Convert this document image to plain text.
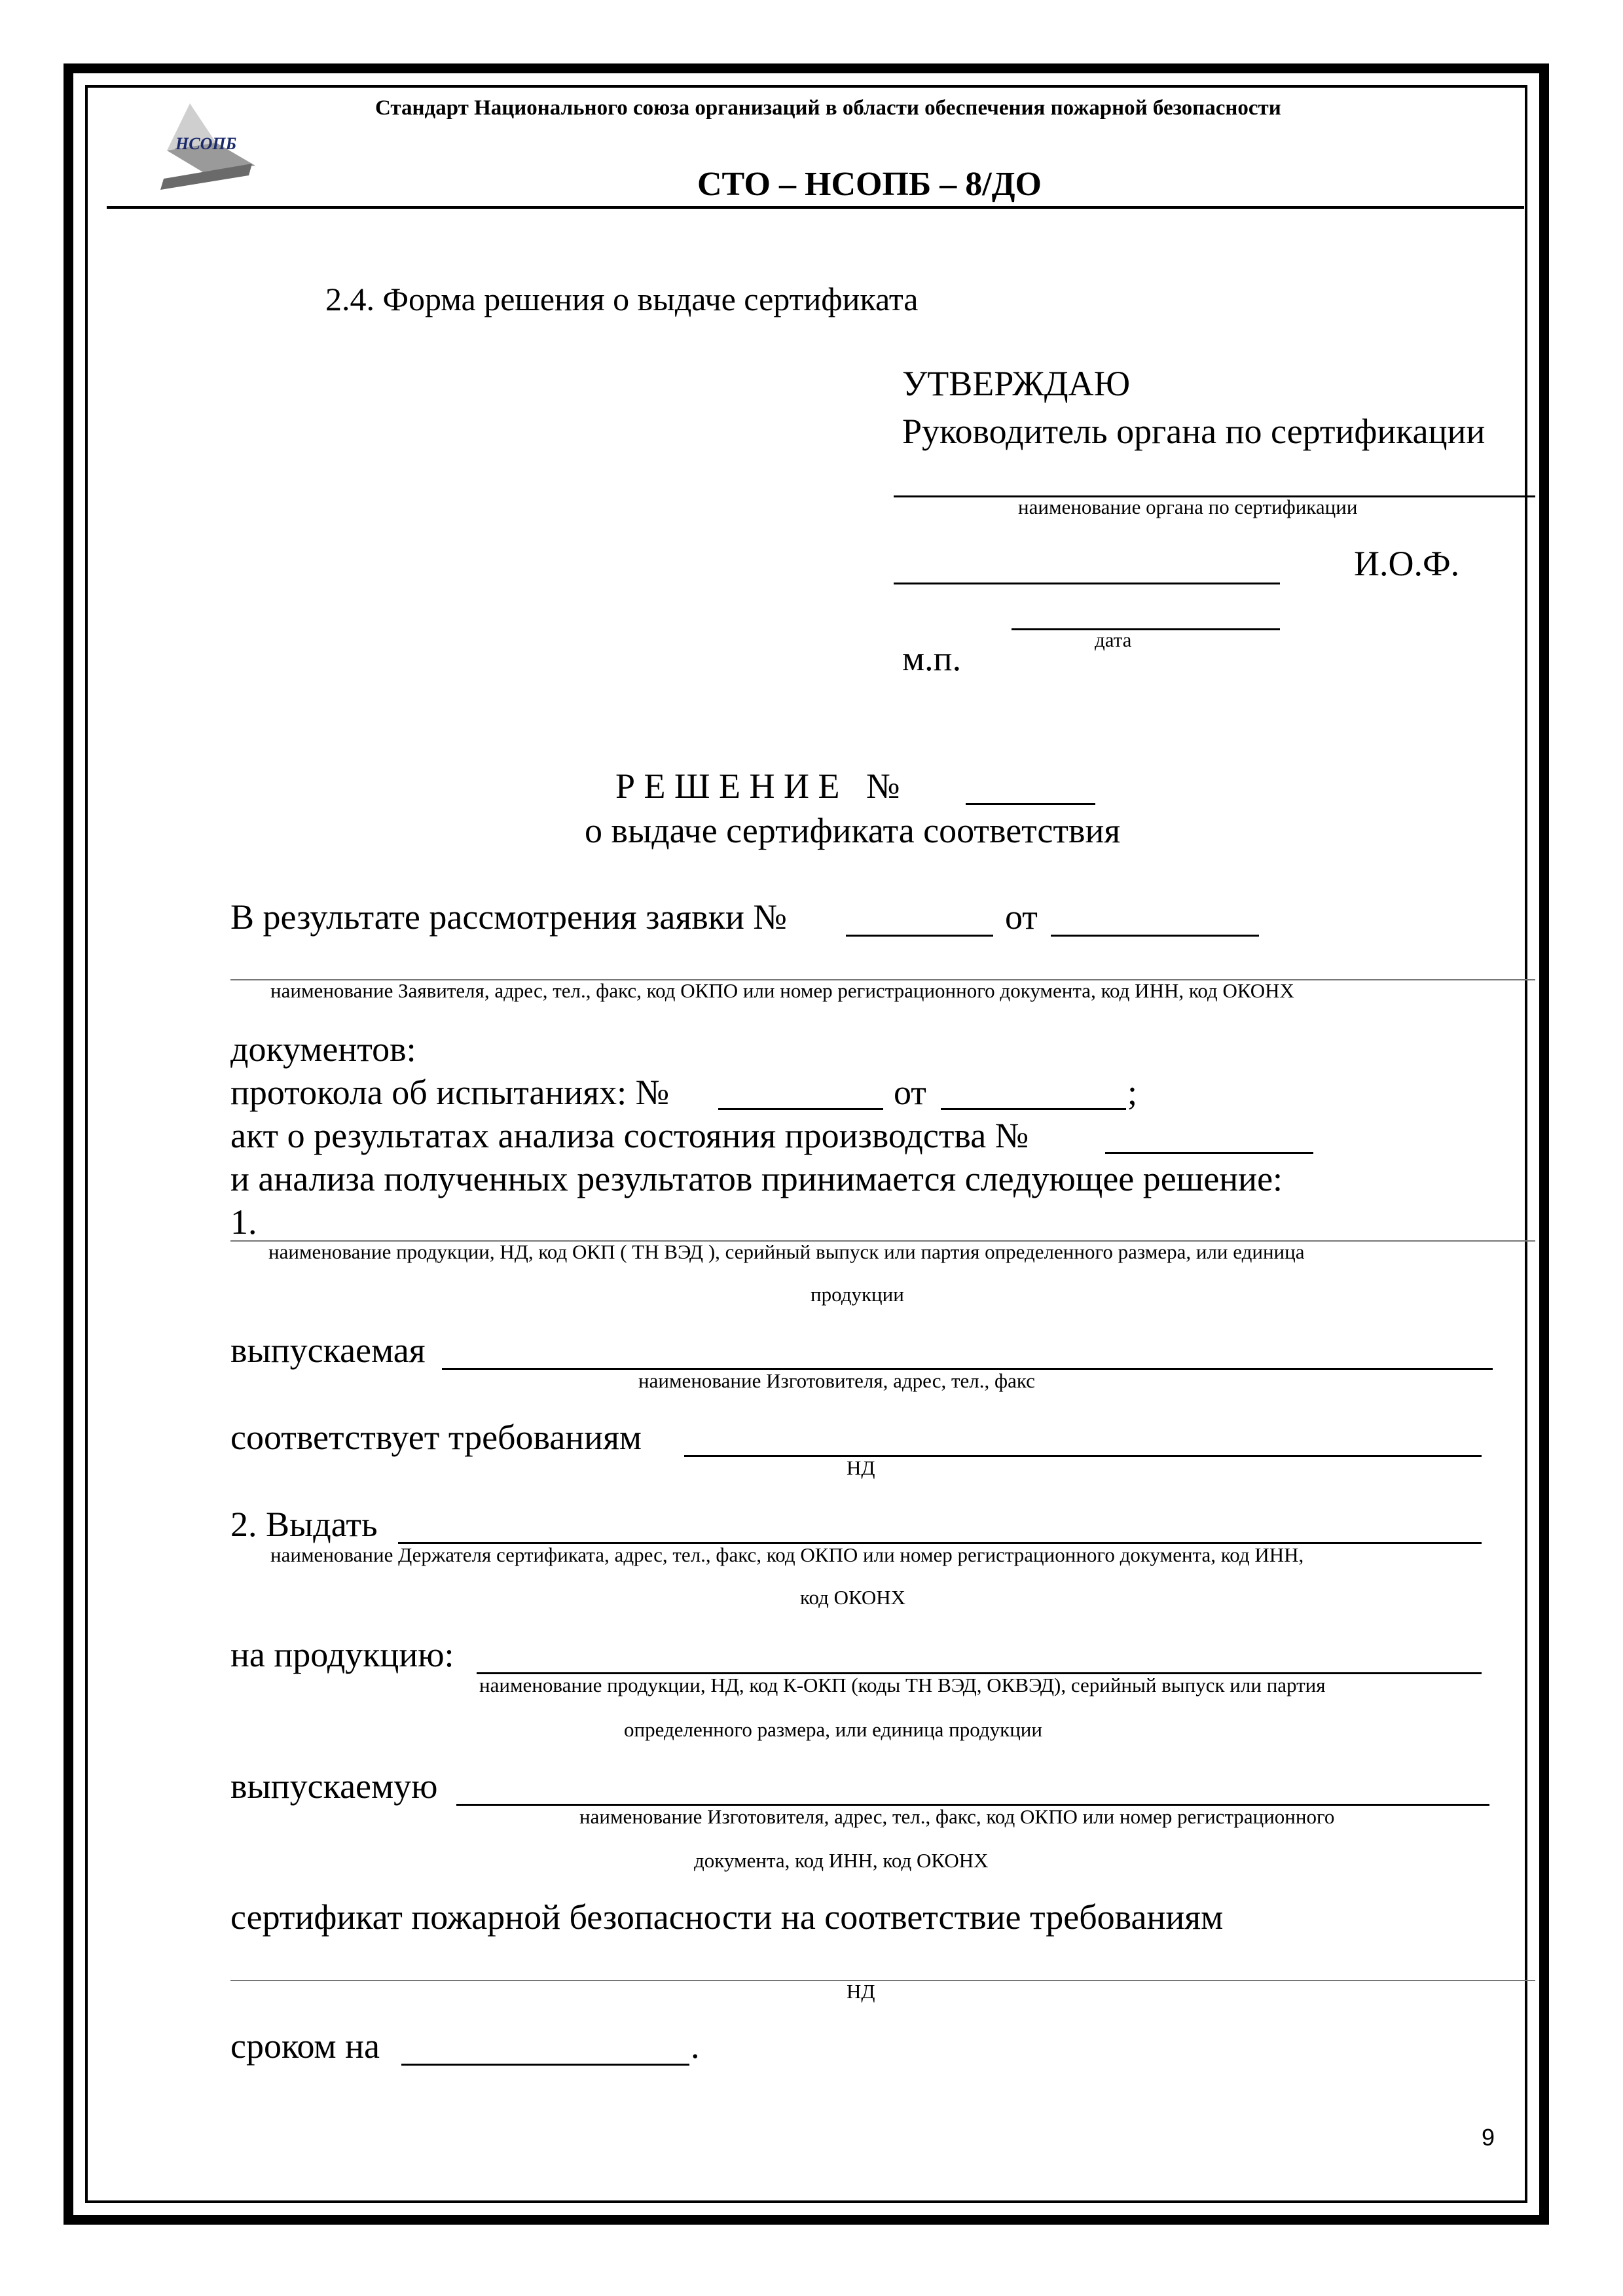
НСОПБ
Стандарт Национального союза организаций в области обеспечения пожарной безопасности
СТО – НСОПБ – 8/ДО
2.4. Форма решения о выдаче сертификата
УТВЕРЖДАЮ
Руководитель органа по сертификации
наименование органа по сертификации
И.О.Ф.
дата
м.п.
Р Е Ш Е Н И Е   №
о выдаче сертификата соответствия
В результате рассмотрения заявки №	от
наименование Заявителя, адрес, тел., факс, код ОКПО или номер регистрационного документа, код ИНН, код ОКОНХ
документов:
протокола об испытаниях: №	от	;
акт о результатах анализа состояния производства №
и анализа полученных результатов принимается следующее решение:
1.
наименование продукции, НД, код ОКП ( ТН ВЭД ), серийный выпуск или партия определенного размера, или единица
продукции
выпускаемая
наименование Изготовителя, адрес, тел., факс
соответствует требованиям
НД
2. Выдать
наименование Держателя сертификата, адрес, тел., факс, код ОКПО или номер регистрационного документа, код ИНН,
код ОКОНХ
на продукцию:
наименование продукции, НД, код К-ОКП (коды ТН ВЭД, ОКВЭД), серийный выпуск или партия
определенного размера, или единица продукции
выпускаемую
наименование Изготовителя, адрес, тел., факс, код ОКПО или номер регистрационного
документа, код ИНН, код ОКОНХ
сертификат пожарной безопасности на соответствие требованиям
НД
сроком на	.
9
